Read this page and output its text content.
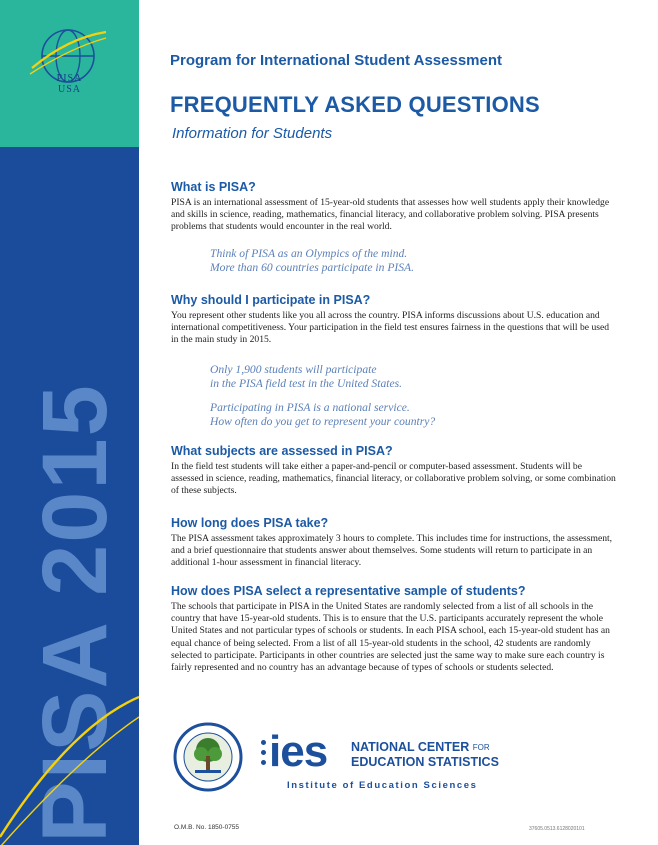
PISA
USA
PISA 2015
Program for International Student Assessment
FREQUENTLY ASKED QUESTIONS
Information for Students
What is PISA?

PISA is an international assessment of 15-year-old students that assesses how well students apply their knowledge and skills in science, reading, mathematics, financial literacy, and collaborative problem solving. PISA presents problems that students would encounter in the real world.

Think of PISA as an Olympics of the mind.
More than 60 countries participate in PISA.
Why should I participate in PISA?

You represent other students like you all across the country. PISA informs discussions about U.S. education and international competitiveness. Your participation in the field test ensures fairness in the questions that will be used in the main study in 2015.

Only 1,900 students will participate
in the PISA field test in the United States.
Participating in PISA is a national service.
How often do you get to represent your country?
What subjects are assessed in PISA?

In the field test students will take either a paper-and-pencil or computer-based assessment. Students will be assessed in science, reading, mathematics, financial literacy, or collaborative problem solving, or some combination of these subjects.

How long does PISA take?

The PISA assessment takes approximately 3 hours to complete. This includes time for instructions, the assessment, and a brief questionnaire that students answer about themselves. Some students will return to participate in an additional 1-hour assessment in financial literacy.

How does PISA select a representative sample of students?

The schools that participate in PISA in the United States are randomly selected from a list of all schools in the country that have 15-year-old students. This is to ensure that the U.S. participants accurately represent the whole United States and not particular types of schools or students. In each PISA school, each 15-year-old student has an equal chance of being selected. From a list of all 15-year-old students in the school, 42 students are randomly selected to participate. Participants in other countries are selected just the same way to make sure each country is fairly represented and no country has an advantage because of types of schools or students selected.

ies NATIONAL CENTER FOR
EDUCATION STATISTICS
Institute of Education Sciences
O.M.B. No. 1850-0755	37605.0513.6128020101
